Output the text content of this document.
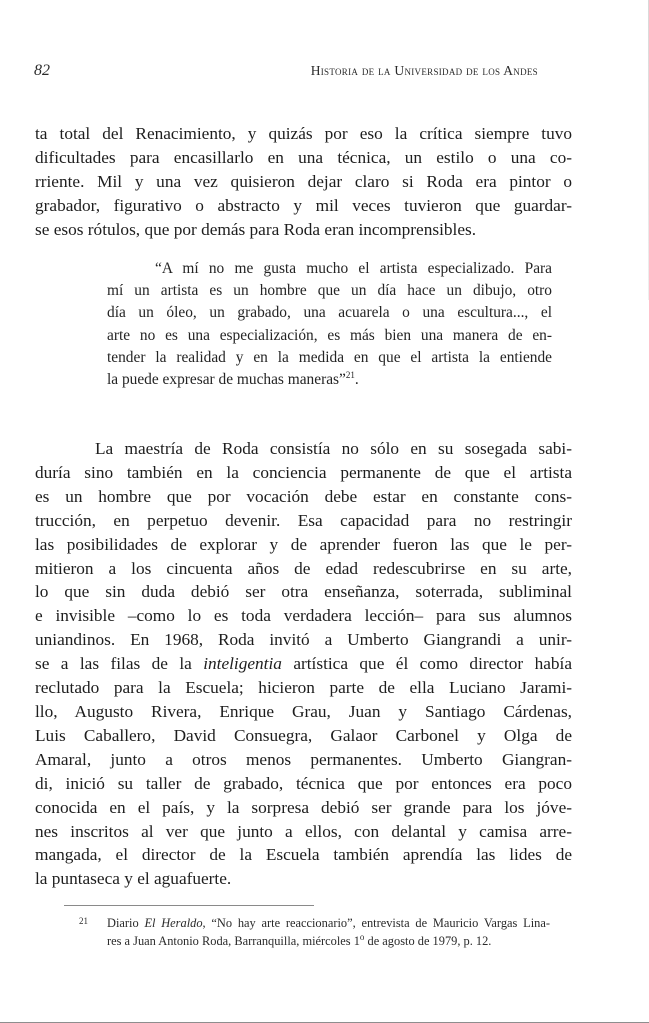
82	Historia de la Universidad de los Andes
ta total del Renacimiento, y quizás por eso la crítica siempre tuvo
dificultades para encasillarlo en una técnica, un estilo o una co-
rriente. Mil y una vez quisieron dejar claro si Roda era pintor o
grabador, figurativo o abstracto y mil veces tuvieron que guardar-
se esos rótulos, que por demás para Roda eran incomprensibles.
“A mí no me gusta mucho el artista especializado. Para
mí un artista es un hombre que un día hace un dibujo, otro
día un óleo, un grabado, una acuarela o una escultura..., el
arte no es una especialización, es más bien una manera de en-
tender la realidad y en la medida en que el artista la entiende
la puede expresar de muchas maneras”$^{21}$.
La maestría de Roda consistía no sólo en su sosegada sabi-
duría sino también en la conciencia permanente de que el artista
es un hombre que por vocación debe estar en constante cons-
trucción, en perpetuo devenir. Esa capacidad para no restringir
las posibilidades de explorar y de aprender fueron las que le per-
mitieron a los cincuenta años de edad redescubrirse en su arte,
lo que sin duda debió ser otra enseñanza, soterrada, subliminal
e invisible –como lo es toda verdadera lección– para sus alumnos
uniandinos. En 1968, Roda invitó a Umberto Giangrandi a unir-
se a las filas de la inteligentia artística que él como director había
reclutado para la Escuela; hicieron parte de ella Luciano Jarami-
llo, Augusto Rivera, Enrique Grau, Juan y Santiago Cárdenas,
Luis Caballero, David Consuegra, Galaor Carbonel y Olga de
Amaral, junto a otros menos permanentes. Umberto Giangran-
di, inició su taller de grabado, técnica que por entonces era poco
conocida en el país, y la sorpresa debió ser grande para los jóve-
nes inscritos al ver que junto a ellos, con delantal y camisa arre-
mangada, el director de la Escuela también aprendía las lides de
la puntaseca y el aguafuerte.
21 Diario El Heraldo, “No hay arte reaccionario”, entrevista de Mauricio Vargas Lina-
res a Juan Antonio Roda, Barranquilla, miércoles 1$^o$ de agosto de 1979, p. 12.
